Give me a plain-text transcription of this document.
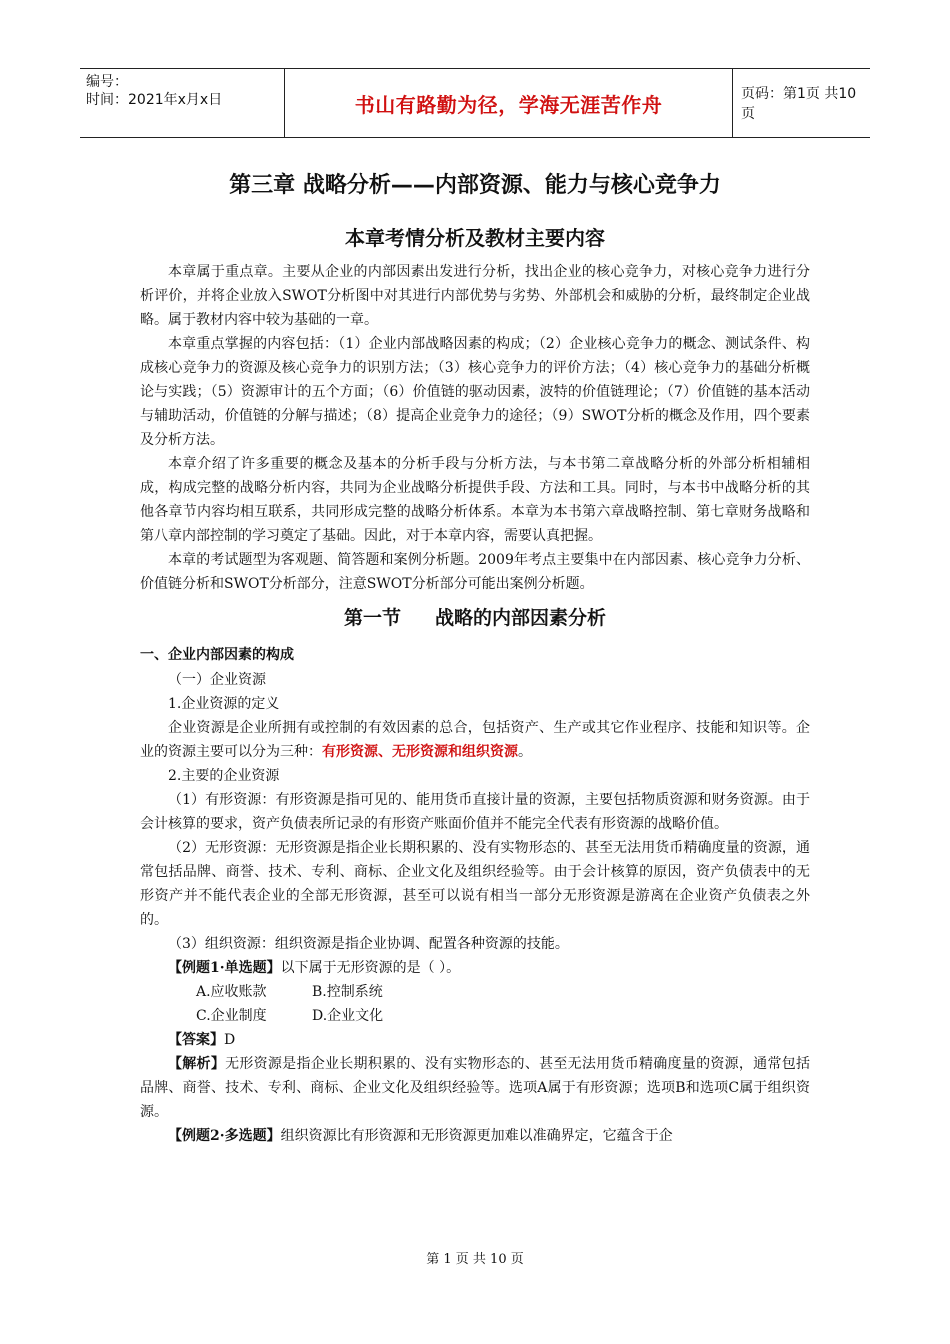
编号：
时间：2021年x月x日	书山有路勤为径，学海无涯苦作舟	页码：第1页 共10页
第三章 战略分析——内部资源、能力与核心竞争力
本章考情分析及教材主要内容

本章属于重点章。主要从企业的内部因素出发进行分析，找出企业的核心竞争力，对核心竞争力进行分析评价，并将企业放入SWOT分析图中对其进行内部优势与劣势、外部机会和威胁的分析，最终制定企业战略。属于教材内容中较为基础的一章。

本章重点掌握的内容包括：（1）企业内部战略因素的构成；（2）企业核心竞争力的概念、测试条件、构成核心竞争力的资源及核心竞争力的识别方法；（3）核心竞争力的评价方法；（4）核心竞争力的基础分析概论与实践；（5）资源审计的五个方面；（6）价值链的驱动因素，波特的价值链理论；（7）价值链的基本活动与辅助活动，价值链的分解与描述；（8）提高企业竞争力的途径；（9）SWOT分析的概念及作用，四个要素及分析方法。

本章介绍了许多重要的概念及基本的分析手段与分析方法，与本书第二章战略分析的外部分析相辅相成，构成完整的战略分析内容，共同为企业战略分析提供手段、方法和工具。同时，与本书中战略分析的其他各章节内容均相互联系，共同形成完整的战略分析体系。本章为本书第六章战略控制、第七章财务战略和第八章内部控制的学习奠定了基础。因此，对于本章内容，需要认真把握。

本章的考试题型为客观题、简答题和案例分析题。2009年考点主要集中在内部因素、核心竞争力分析、价值链分析和SWOT分析部分，注意SWOT分析部分可能出案例分析题。

第一节 战略的内部因素分析

一、企业内部因素的构成

（一）企业资源

1.企业资源的定义

企业资源是企业所拥有或控制的有效因素的总合，包括资产、生产或其它作业程序、技能和知识等。企业的资源主要可以分为三种：有形资源、无形资源和组织资源。

2.主要的企业资源

（1）有形资源：有形资源是指可见的、能用货币直接计量的资源，主要包括物质资源和财务资源。由于会计核算的要求，资产负债表所记录的有形资产账面价值并不能完全代表有形资源的战略价值。

（2）无形资源：无形资源是指企业长期积累的、没有实物形态的、甚至无法用货币精确度量的资源，通常包括品牌、商誉、技术、专利、商标、企业文化及组织经验等。由于会计核算的原因，资产负债表中的无形资产并不能代表企业的全部无形资源，甚至可以说有相当一部分无形资源是游离在企业资产负债表之外的。

（3）组织资源：组织资源是指企业协调、配置各种资源的技能。

【例题1·单选题】以下属于无形资源的是（ ）。

A.应收账款	B.控制系统

C.企业制度	D.企业文化

【答案】D

【解析】无形资源是指企业长期积累的、没有实物形态的、甚至无法用货币精确度量的资源，通常包括品牌、商誉、技术、专利、商标、企业文化及组织经验等。选项A属于有形资源；选项B和选项C属于组织资源。

【例题2·多选题】组织资源比有形资源和无形资源更加难以准确界定，它蕴含于企

第 1 页 共 10 页
